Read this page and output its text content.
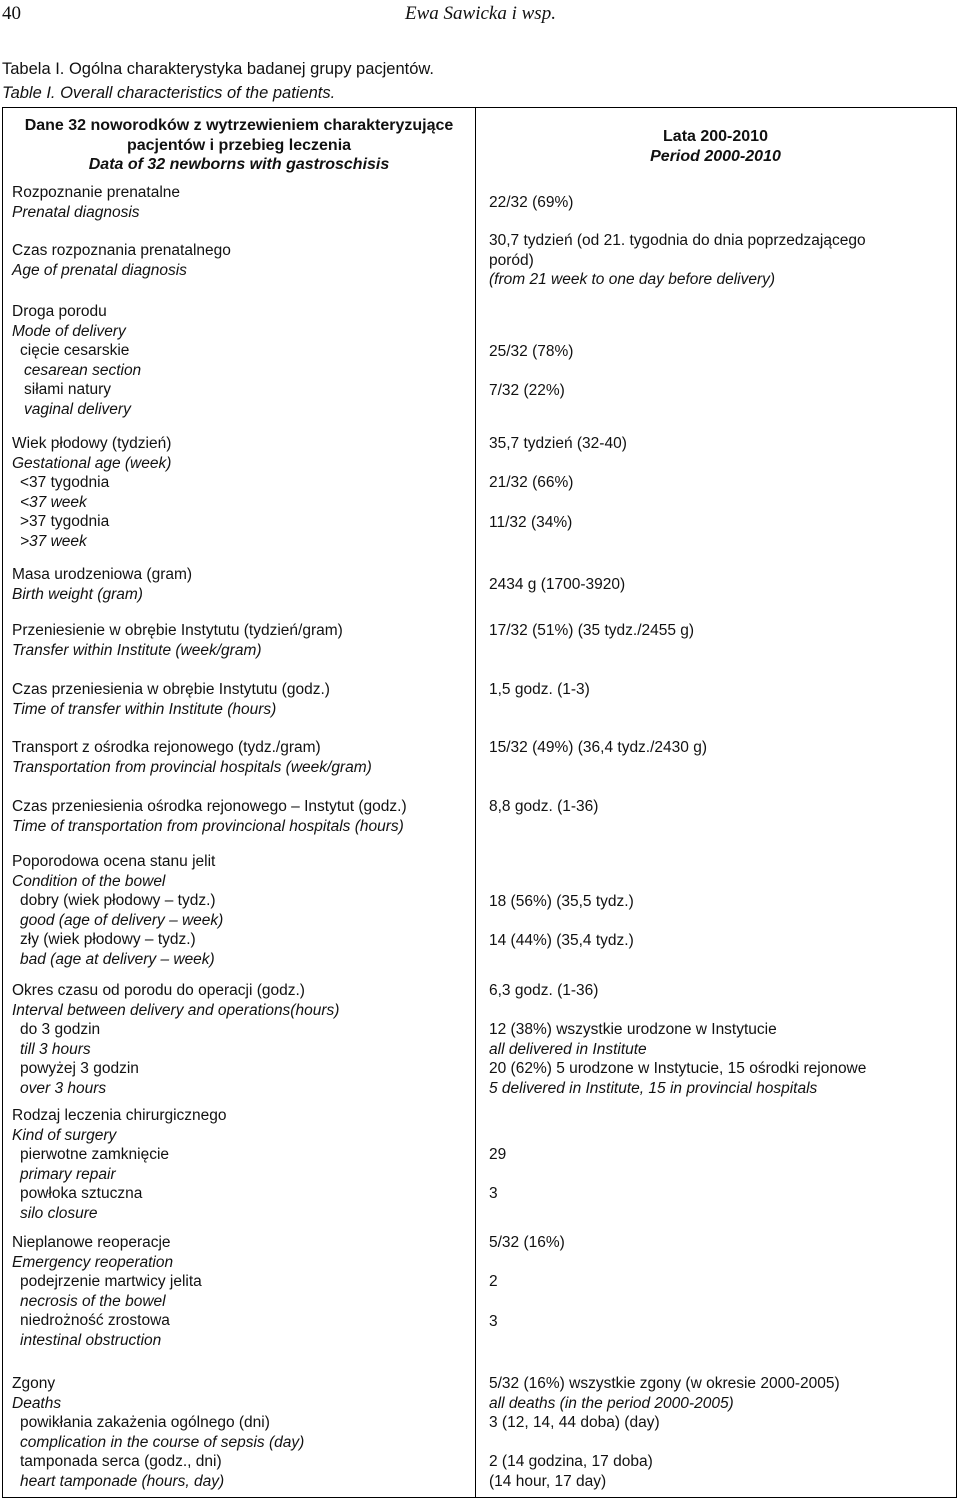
40	Ewa Sawicka i wsp.
Tabela I. Ogólna charakterystyka badanej grupy pacjentów.
Table I. Overall characteristics of the patients.
Dane 32 noworodków z wytrzewieniem charakteryzujące
pacjentów i przebieg leczenia
Data of 32 newborns with gastroschisis
Lata 200-2010
Period 2000-2010
Rozpoznanie prenatalne
Prenatal diagnosis
22/32 (69%)
Czas rozpoznania prenatalnego
Age of prenatal diagnosis
30,7 tydzień (od 21. tygodnia do dnia poprzedzającego
poród)
(from 21 week to one day before delivery)
Droga porodu
Mode of delivery
cięcie cesarskie
cesarean section
siłami natury
vaginal delivery
25/32 (78%)
7/32 (22%)
Wiek płodowy (tydzień)
Gestational age (week)
<37 tygodnia
<37 week
>37 tygodnia
>37 week
35,7 tydzień (32-40)
21/32 (66%)
11/32 (34%)
Masa urodzeniowa (gram)
Birth weight (gram)
2434 g (1700-3920)
Przeniesienie w obrębie Instytutu (tydzień/gram)
Transfer within Institute (week/gram)
17/32 (51%) (35 tydz./2455 g)
Czas przeniesienia w obrębie Instytutu (godz.)
Time of transfer within Institute (hours)
1,5 godz. (1-3)
Transport z ośrodka rejonowego (tydz./gram)
Transportation from provincial hospitals (week/gram)
15/32 (49%) (36,4 tydz./2430 g)
Czas przeniesienia ośrodka rejonowego – Instytut (godz.)
Time of transportation from provincional hospitals (hours)
8,8 godz. (1-36)
Poporodowa ocena stanu jelit
Condition of the bowel
dobry (wiek płodowy – tydz.)
good (age of delivery – week)
zły (wiek płodowy – tydz.)
bad (age at delivery – week)
18 (56%) (35,5 tydz.)
14 (44%) (35,4 tydz.)
Okres czasu od porodu do operacji (godz.)
Interval between delivery and operations(hours)
do 3 godzin
till 3 hours
powyżej 3 godzin
over 3 hours
6,3 godz. (1-36)
12 (38%) wszystkie urodzone w Instytucie
all delivered in Institute
20 (62%) 5 urodzone w Instytucie, 15 ośrodki rejonowe
5 delivered in Institute, 15 in provincial hospitals
Rodzaj leczenia chirurgicznego
Kind of surgery
pierwotne zamknięcie
primary repair
powłoka sztuczna
silo closure
29
3
Nieplanowe reoperacje
Emergency reoperation
podejrzenie martwicy jelita
necrosis of the bowel
niedrożność zrostowa
intestinal obstruction
5/32 (16%)
2
3
Zgony
Deaths
powikłania zakażenia ogólnego (dni)
complication in the course of sepsis (day)
tamponada serca (godz., dni)
heart tamponade (hours, day)
5/32 (16%) wszystkie zgony (w okresie 2000-2005)
all deaths (in the period 2000-2005)
3 (12, 14, 44 doba) (day)
2 (14 godzina, 17 doba)
(14 hour, 17 day)
